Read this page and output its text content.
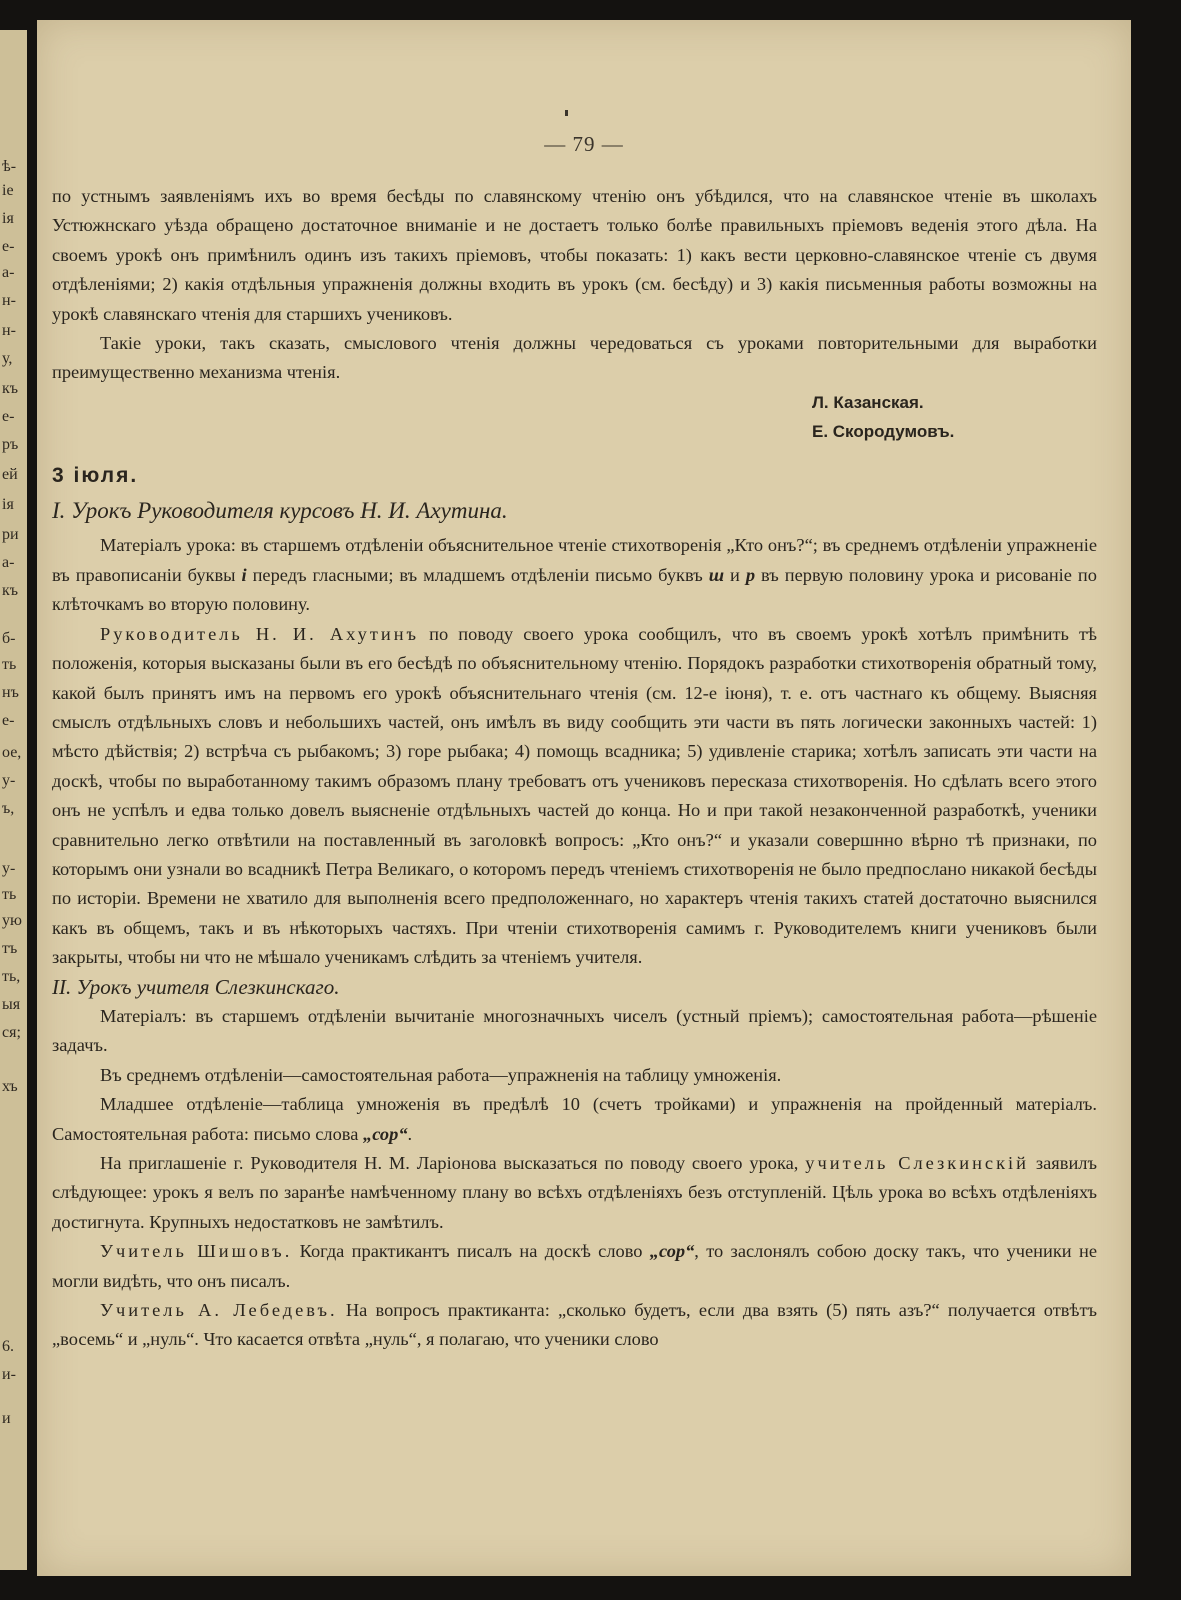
ѣ-
іе
ія
е-
а-
н-
н-
у,
къ
е-
ръ
ей
ія
ри
а-
къ
б-
ть
нъ
е-
ое,
у-
ъ,
у-
ть
ую
тъ
ть,
ыя
ся;
хъ
6.
и-
и
— 79 —

по устнымъ заявленіямъ ихъ во время бесѣды по славянскому чтенію онъ убѣдился, что на славянское чтеніе въ школахъ Устюжнскаго уѣзда обращено достаточное вниманіе и не достаетъ только болѣе правильныхъ пріемовъ веденія этого дѣла. На своемъ урокѣ онъ примѣнилъ одинъ изъ такихъ пріемовъ, чтобы показать: 1) какъ вести церковно-славянское чтеніе съ двумя отдѣленіями; 2) какія отдѣльныя упражненія должны входить въ урокъ (см. бесѣду) и 3) какія письменныя работы возможны на урокѣ славянскаго чтенія для старшихъ учениковъ.

Такіе уроки, такъ сказать, смыслового чтенія должны чередоваться съ уроками повторительными для выработки преимущественно механизма чтенія.

Л. Казанская.

Е. Скородумовъ.

3 іюля.

I. Урокъ Руководителя курсовъ Н. И. Ахутина.

Матеріалъ урока: въ старшемъ отдѣленіи объяснительное чтеніе стихотворенія „Кто онъ?“; въ среднемъ отдѣленіи упражненіе въ правописаніи буквы і передъ гласными; въ младшемъ отдѣленіи письмо буквъ ш и р въ первую половину урока и рисованіе по клѣточкамъ во вторую половину.

Руководитель Н. И. Ахутинъ по поводу своего урока сообщилъ, что въ своемъ урокѣ хотѣлъ примѣнить тѣ положенія, которыя высказаны были въ его бесѣдѣ по объяснительному чтенію. Порядокъ разработки стихотворенія обратный тому, какой былъ принятъ имъ на первомъ его урокѣ объяснительнаго чтенія (см. 12-е іюня), т. е. отъ частнаго къ общему. Выясняя смыслъ отдѣльныхъ словъ и небольшихъ частей, онъ имѣлъ въ виду сообщить эти части въ пять логически законныхъ частей: 1) мѣсто дѣйствія; 2) встрѣча съ рыбакомъ; 3) горе рыбака; 4) помощь всадника; 5) удивленіе старика; хотѣлъ записать эти части на доскѣ, чтобы по выработанному такимъ образомъ плану требоватъ отъ учениковъ пересказа стихотворенія. Но сдѣлать всего этого онъ не успѣлъ и едва только довелъ выясненіе отдѣльныхъ частей до конца. Но и при такой незаконченной разработкѣ, ученики сравнительно легко отвѣтили на поставленный въ заголовкѣ вопросъ: „Кто онъ?“ и указали совершнно вѣрно тѣ признаки, по которымъ они узнали во всадникѣ Петра Великаго, о которомъ передъ чтеніемъ стихотворенія не было предпослано никакой бесѣды по исторіи. Времени не хватило для выполненія всего предположеннаго, но характеръ чтенія такихъ статей достаточно выяснился какъ въ общемъ, такъ и въ нѣкоторыхъ частяхъ. При чтеніи стихотворенія самимъ г. Руководителемъ книги учениковъ были закрыты, чтобы ни что не мѣшало ученикамъ слѣдить за чтеніемъ учителя.

II. Урокъ учителя Слезкинскаго.

Матеріалъ: въ старшемъ отдѣленіи вычитаніе многозначныхъ чиселъ (устный пріемъ); самостоятельная работа—рѣшеніе задачъ.

Въ среднемъ отдѣленіи—самостоятельная работа—упражненія на таблицу умноженія.

Младшее отдѣленіе—таблица умноженія въ предѣлѣ 10 (счетъ тройками) и упражненія на пройденный матеріалъ. Самостоятельная работа: письмо слова „сор“.

На приглашеніе г. Руководителя Н. М. Ларіонова высказаться по поводу своего урока, учитель Слезкинскій заявилъ слѣдующее: урокъ я велъ по заранѣе намѣченному плану во всѣхъ отдѣленіяхъ безъ отступленій. Цѣль урока во всѣхъ отдѣленіяхъ достигнута. Крупныхъ недостатковъ не замѣтилъ.

Учитель Шишовъ. Когда практикантъ писалъ на доскѣ слово „сор“, то заслонялъ собою доску такъ, что ученики не могли видѣть, что онъ писалъ.

Учитель А. Лебедевъ. На вопросъ практиканта: „сколько будетъ, если два взять (5) пять азъ?“ получается отвѣтъ „восемь“ и „нуль“. Что касается отвѣта „нуль“, я полагаю, что ученики слово
